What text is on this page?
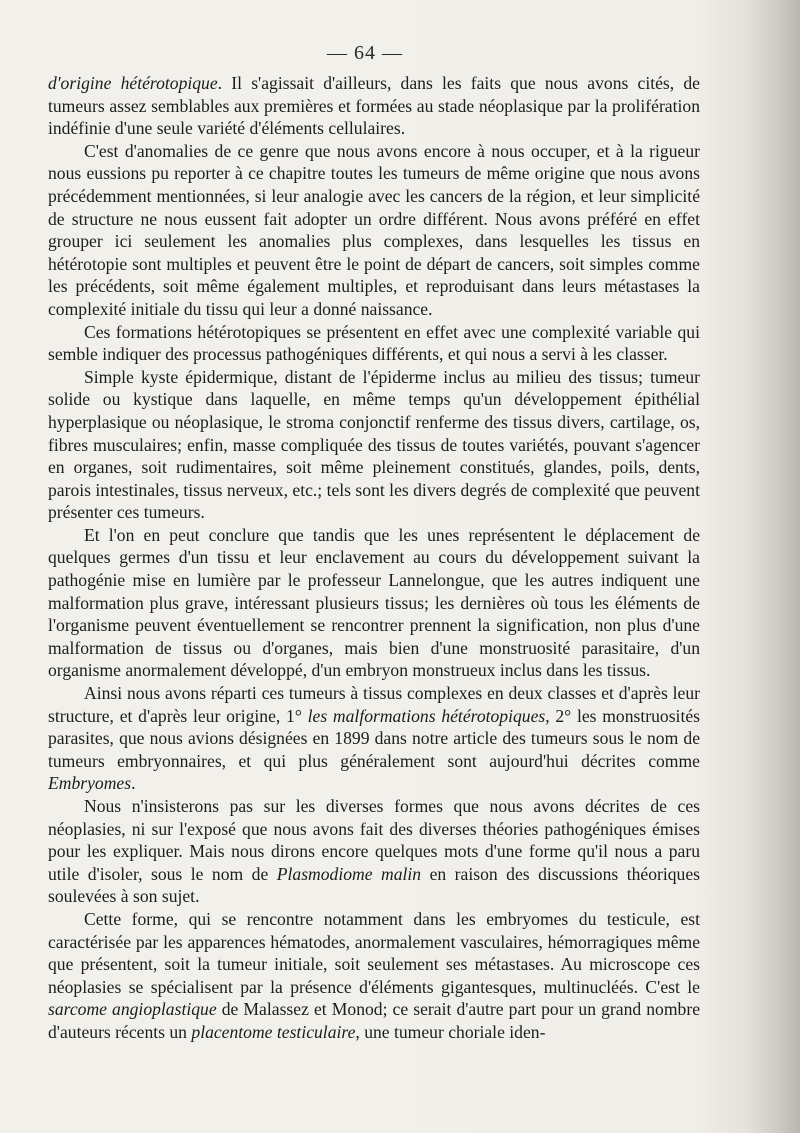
— 64 —

d'origine hétérotopique. Il s'agissait d'ailleurs, dans les faits que nous avons cités, de tumeurs assez semblables aux premières et formées au stade néoplasique par la prolifération indéfinie d'une seule variété d'éléments cellulaires.

C'est d'anomalies de ce genre que nous avons encore à nous occuper, et à la rigueur nous eussions pu reporter à ce chapitre toutes les tumeurs de même origine que nous avons précédemment mentionnées, si leur analogie avec les cancers de la région, et leur simplicité de structure ne nous eussent fait adopter un ordre différent. Nous avons préféré en effet grouper ici seulement les anomalies plus complexes, dans lesquelles les tissus en hétérotopie sont multiples et peuvent être le point de départ de cancers, soit simples comme les précédents, soit même également multiples, et reproduisant dans leurs métastases la complexité initiale du tissu qui leur a donné naissance.

Ces formations hétérotopiques se présentent en effet avec une complexité variable qui semble indiquer des processus pathogéniques différents, et qui nous a servi à les classer.

Simple kyste épidermique, distant de l'épiderme inclus au milieu des tissus; tumeur solide ou kystique dans laquelle, en même temps qu'un développement épithélial hyperplasique ou néoplasique, le stroma conjonctif renferme des tissus divers, cartilage, os, fibres musculaires; enfin, masse compliquée des tissus de toutes variétés, pouvant s'agencer en organes, soit rudimentaires, soit même pleinement constitués, glandes, poils, dents, parois intestinales, tissus nerveux, etc.; tels sont les divers degrés de complexité que peuvent présenter ces tumeurs.

Et l'on en peut conclure que tandis que les unes représentent le déplacement de quelques germes d'un tissu et leur enclavement au cours du développement suivant la pathogénie mise en lumière par le professeur Lannelongue, que les autres indiquent une malformation plus grave, intéressant plusieurs tissus; les dernières où tous les éléments de l'organisme peuvent éventuellement se rencontrer prennent la signification, non plus d'une malformation de tissus ou d'organes, mais bien d'une monstruosité parasitaire, d'un organisme anormalement développé, d'un embryon monstrueux inclus dans les tissus.

Ainsi nous avons réparti ces tumeurs à tissus complexes en deux classes et d'après leur structure, et d'après leur origine, 1° les malformations hétérotopiques, 2° les monstruosités parasites, que nous avions désignées en 1899 dans notre article des tumeurs sous le nom de tumeurs embryonnaires, et qui plus généralement sont aujourd'hui décrites comme Embryomes.

Nous n'insisterons pas sur les diverses formes que nous avons décrites de ces néoplasies, ni sur l'exposé que nous avons fait des diverses théories pathogéniques émises pour les expliquer. Mais nous dirons encore quelques mots d'une forme qu'il nous a paru utile d'isoler, sous le nom de Plasmodiome malin en raison des discussions théoriques soulevées à son sujet.

Cette forme, qui se rencontre notamment dans les embryomes du testicule, est caractérisée par les apparences hématodes, anormalement vasculaires, hémorragiques même que présentent, soit la tumeur initiale, soit seulement ses métastases. Au microscope ces néoplasies se spécialisent par la présence d'éléments gigantesques, multinucléés. C'est le sarcome angioplastique de Malassez et Monod; ce serait d'autre part pour un grand nombre d'auteurs récents un placentome testiculaire, une tumeur choriale iden-
